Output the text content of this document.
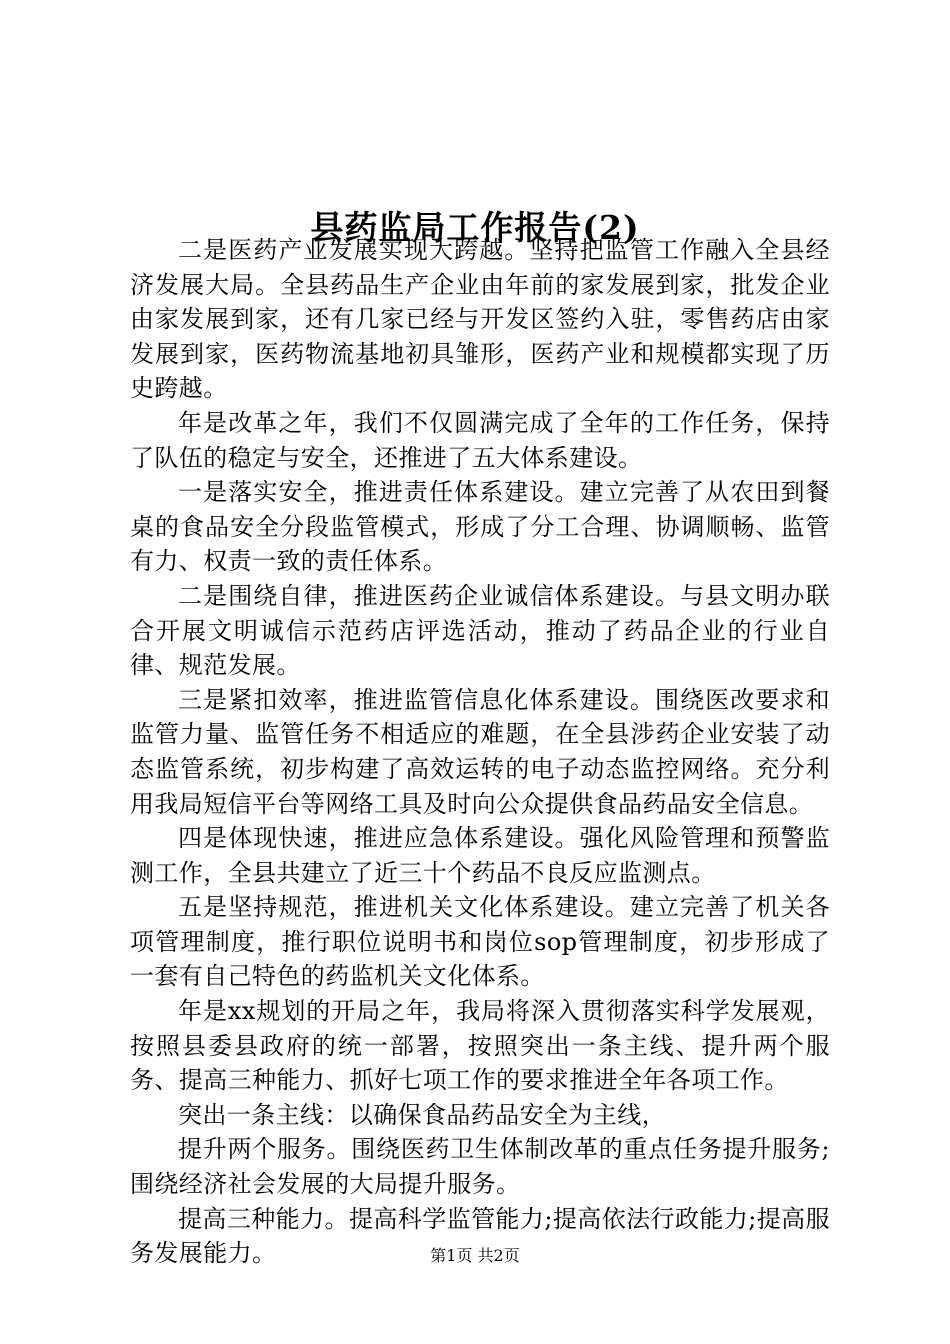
县药监局工作报告(2)

二是医药产业发展实现大跨越。坚持把监管工作融入全县经济发展大局。全县药品生产企业由年前的家发展到家，批发企业由家发展到家，还有几家已经与开发区签约入驻，零售药店由家发展到家，医药物流基地初具雏形，医药产业和规模都实现了历史跨越。

年是改革之年，我们不仅圆满完成了全年的工作任务，保持了队伍的稳定与安全，还推进了五大体系建设。

一是落实安全，推进责任体系建设。建立完善了从农田到餐桌的食品安全分段监管模式，形成了分工合理、协调顺畅、监管有力、权责一致的责任体系。

二是围绕自律，推进医药企业诚信体系建设。与县文明办联合开展文明诚信示范药店评选活动，推动了药品企业的行业自律、规范发展。

三是紧扣效率，推进监管信息化体系建设。围绕医改要求和监管力量、监管任务不相适应的难题，在全县涉药企业安装了动态监管系统，初步构建了高效运转的电子动态监控网络。充分利用我局短信平台等网络工具及时向公众提供食品药品安全信息。

四是体现快速，推进应急体系建设。强化风险管理和预警监测工作，全县共建立了近三十个药品不良反应监测点。

五是坚持规范，推进机关文化体系建设。建立完善了机关各项管理制度，推行职位说明书和岗位sop管理制度，初步形成了一套有自己特色的药监机关文化体系。

年是xx规划的开局之年，我局将深入贯彻落实科学发展观，按照县委县政府的统一部署，按照突出一条主线、提升两个服务、提高三种能力、抓好七项工作的要求推进全年各项工作。

突出一条主线：以确保食品药品安全为主线，

提升两个服务。围绕医药卫生体制改革的重点任务提升服务;围绕经济社会发展的大局提升服务。

提高三种能力。提高科学监管能力;提高依法行政能力;提高服务发展能力。	第1页 共2页
